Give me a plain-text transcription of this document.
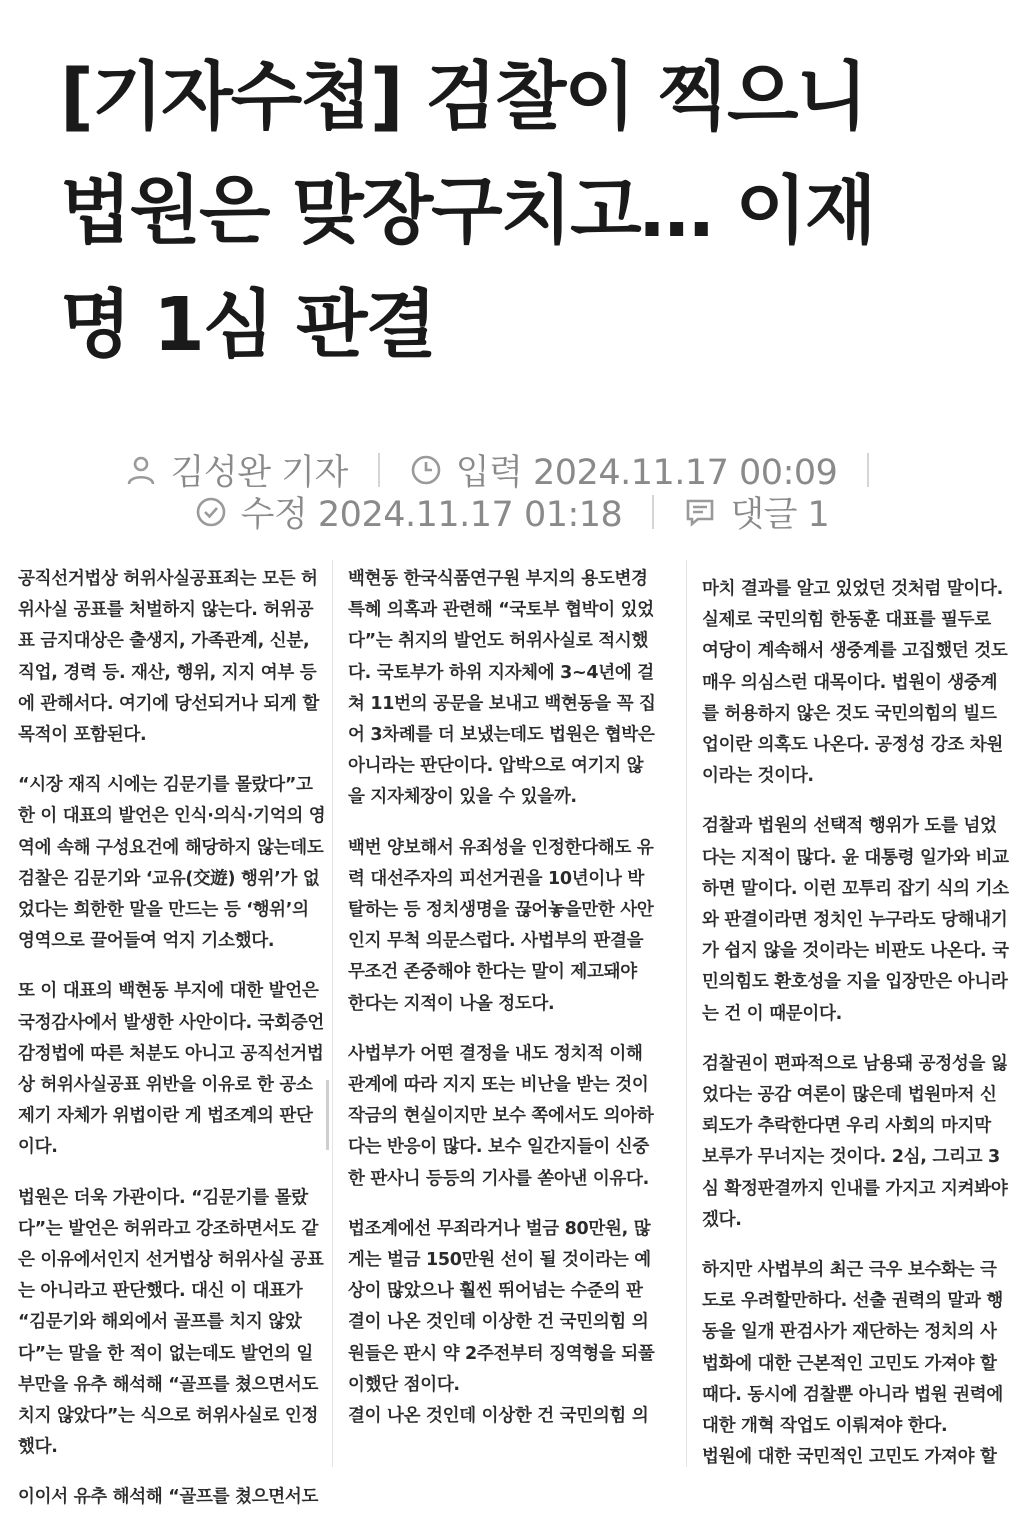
[기자수첩] 검찰이 찍으니
법원은 맞장구치고… 이재
명 1심 판결
김성완 기자	입력 2024.11.17 00:09
수정 2024.11.17 01:18	댓글 1

공직선거법상 허위사실공표죄는 모든 허
위사실 공표를 처벌하지 않는다. 허위공
표 금지대상은 출생지, 가족관계, 신분,
직업, 경력 등. 재산, 행위, 지지 여부 등
에 관해서다. 여기에 당선되거나 되게 할
목적이 포함된다.

“시장 재직 시에는 김문기를 몰랐다”고
한 이 대표의 발언은 인식·의식·기억의 영
역에 속해 구성요건에 해당하지 않는데도
검찰은 김문기와 ‘교유(交遊) 행위’가 없
었다는 희한한 말을 만드는 등 ‘행위’의
영역으로 끌어들여 억지 기소했다.

또 이 대표의 백현동 부지에 대한 발언은
국정감사에서 발생한 사안이다. 국회증언
감정법에 따른 처분도 아니고 공직선거법
상 허위사실공표 위반을 이유로 한 공소
제기 자체가 위법이란 게 법조계의 판단
이다.

법원은 더욱 가관이다. “김문기를 몰랐
다”는 발언은 허위라고 강조하면서도 같
은 이유에서인지 선거법상 허위사실 공표
는 아니라고 판단했다. 대신 이 대표가
“김문기와 해외에서 골프를 치지 않았
다”는 말을 한 적이 없는데도 발언의 일
부만을 유추 해석해 “골프를 쳤으면서도
치지 않았다”는 식으로 허위사실로 인정
했다.

이이서 유추 해석해 “골프를 쳤으면서도

백현동 한국식품연구원 부지의 용도변경
특혜 의혹과 관련해 “국토부 협박이 있었
다”는 취지의 발언도 허위사실로 적시했
다. 국토부가 하위 지자체에 3~4년에 걸
쳐 11번의 공문을 보내고 백현동을 꼭 집
어 3차례를 더 보냈는데도 법원은 협박은
아니라는 판단이다. 압박으로 여기지 않
을 지자체장이 있을 수 있을까.

백번 양보해서 유죄성을 인정한다해도 유
력 대선주자의 피선거권을 10년이나 박
탈하는 등 정치생명을 끊어놓을만한 사안
인지 무척 의문스럽다. 사법부의 판결을
무조건 존중해야 한다는 말이 제고돼야
한다는 지적이 나올 정도다.

사법부가 어떤 결정을 내도 정치적 이해
관계에 따라 지지 또는 비난을 받는 것이
작금의 현실이지만 보수 쪽에서도 의아하
다는 반응이 많다. 보수 일간지들이 신중
한 판사니 등등의 기사를 쏟아낸 이유다.

법조계에선 무죄라거나 벌금 80만원, 많
게는 벌금 150만원 선이 될 것이라는 예
상이 많았으나 훨씬 뛰어넘는 수준의 판
결이 나온 것인데 이상한 건 국민의힘 의
원들은 판시 약 2주전부터 징역형을 되풀
이했단 점이다.
결이 나온 것인데 이상한 건 국민의힘 의

마치 결과를 알고 있었던 것처럼 말이다.
실제로 국민의힘 한동훈 대표를 필두로
여당이 계속해서 생중계를 고집했던 것도
매우 의심스런 대목이다. 법원이 생중계
를 허용하지 않은 것도 국민의힘의 빌드
업이란 의혹도 나온다. 공정성 강조 차원
이라는 것이다.

검찰과 법원의 선택적 행위가 도를 넘었
다는 지적이 많다. 윤 대통령 일가와 비교
하면 말이다. 이런 꼬투리 잡기 식의 기소
와 판결이라면 정치인 누구라도 당해내기
가 쉽지 않을 것이라는 비판도 나온다. 국
민의힘도 환호성을 지을 입장만은 아니라
는 건 이 때문이다.

검찰권이 편파적으로 남용돼 공정성을 잃
었다는 공감 여론이 많은데 법원마저 신
뢰도가 추락한다면 우리 사회의 마지막
보루가 무너지는 것이다. 2심, 그리고 3
심 확정판결까지 인내를 가지고 지켜봐야
겠다.

하지만 사법부의 최근 극우 보수화는 극
도로 우려할만하다. 선출 권력의 말과 행
동을 일개 판검사가 재단하는 정치의 사
법화에 대한 근본적인 고민도 가져야 할
때다. 동시에 검찰뿐 아니라 법원 권력에
대한 개혁 작업도 이뤄져야 한다.
법원에 대한 국민적인 고민도 가져야 할
